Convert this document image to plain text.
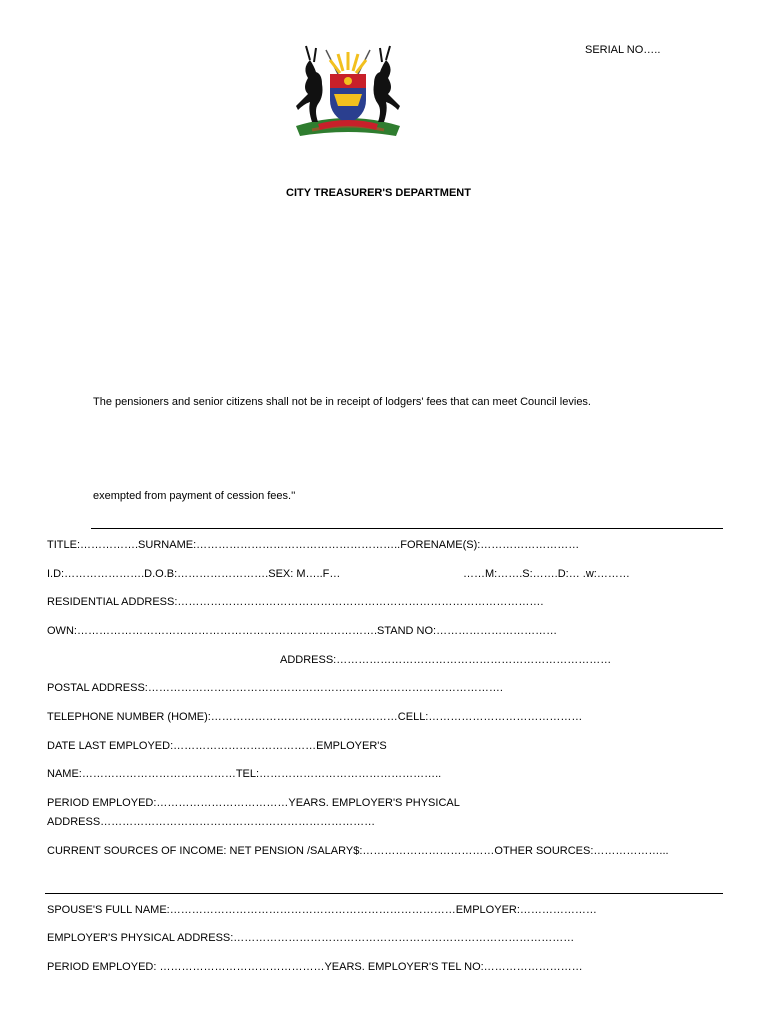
SERIAL NO…..
CITY TREASURER'S DEPARTMENT
The pensioners and senior citizens shall not be in receipt of lodgers' fees that can meet Council levies.
exempted from payment of cession fees.''
TITLE:…………….SURNAME:………………………………………………..FORENAME(S):………………………
I.D:………………….D.O.B:…………………….SEX: M…..F…	……M:…….S:…….D:… .w:………
RESIDENTIAL ADDRESS:……………………………………………………………………………………….
OWN:……………………………………………………………………….STAND NO:……………………………
ADDRESS:…………………………………………………………………
POSTAL ADDRESS:…………………………………………………………………………………….
TELEPHONE NUMBER (HOME):……………………………………………CELL:……………………………………
DATE LAST EMPLOYED:…………………………………EMPLOYER'S
NAME:……………………………………TEL:…………………………………………..
PERIOD EMPLOYED:………………………………YEARS. EMPLOYER'S PHYSICAL
ADDRESS…………………………………………………………………
CURRENT SOURCES OF INCOME: NET PENSION /SALARY$:………………………………OTHER SOURCES:………………...
SPOUSE'S FULL NAME:……………………………………………………………………EMPLOYER:…………………
EMPLOYER'S PHYSICAL ADDRESS:…………………………………………………………………………………
PERIOD EMPLOYED: ………………………………………YEARS. EMPLOYER'S TEL NO:………………………
